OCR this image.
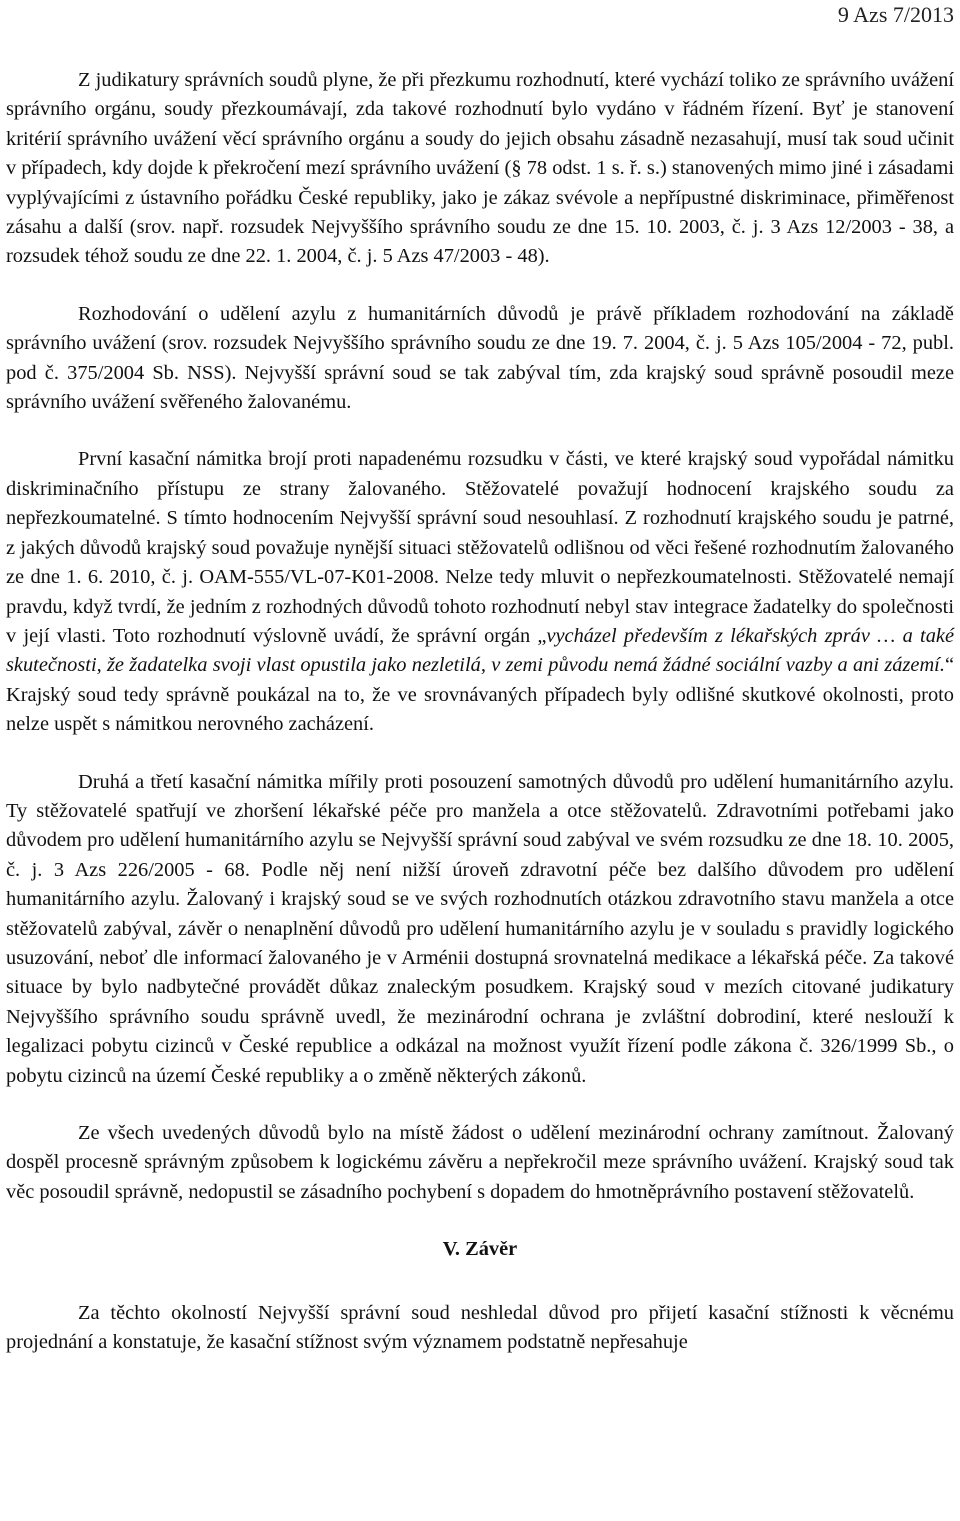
9 Azs 7/2013

Z judikatury správních soudů plyne, že při přezkumu rozhodnutí, které vychází toliko ze správního uvážení správního orgánu, soudy přezkoumávají, zda takové rozhodnutí bylo vydáno v řádném řízení. Byť je stanovení kritérií správního uvážení věcí správního orgánu a soudy do jejich obsahu zásadně nezasahují, musí tak soud učinit v případech, kdy dojde k překročení mezí správního uvážení (§ 78 odst. 1 s. ř. s.) stanovených mimo jiné i zásadami vyplývajícími z ústavního pořádku České republiky, jako je zákaz svévole a nepřípustné diskriminace, přiměřenost zásahu a další (srov. např. rozsudek Nejvyššího správního soudu ze dne 15. 10. 2003, č. j. 3 Azs 12/2003 - 38, a rozsudek téhož soudu ze dne 22. 1. 2004, č. j. 5 Azs 47/2003 - 48).

Rozhodování o udělení azylu z humanitárních důvodů je právě příkladem rozhodování na základě správního uvážení (srov. rozsudek Nejvyššího správního soudu ze dne 19. 7. 2004, č. j. 5 Azs 105/2004 - 72, publ. pod č. 375/2004 Sb. NSS). Nejvyšší správní soud se tak zabýval tím, zda krajský soud správně posoudil meze správního uvážení svěřeného žalovanému.

První kasační námitka brojí proti napadenému rozsudku v části, ve které krajský soud vypořádal námitku diskriminačního přístupu ze strany žalovaného. Stěžovatelé považují hodnocení krajského soudu za nepřezkoumatelné. S tímto hodnocením Nejvyšší správní soud nesouhlasí. Z rozhodnutí krajského soudu je patrné, z jakých důvodů krajský soud považuje nynější situaci stěžovatelů odlišnou od věci řešené rozhodnutím žalovaného ze dne 1. 6. 2010, č. j. OAM-555/VL-07-K01-2008. Nelze tedy mluvit o nepřezkoumatelnosti. Stěžovatelé nemají pravdu, když tvrdí, že jedním z rozhodných důvodů tohoto rozhodnutí nebyl stav integrace žadatelky do společnosti v její vlasti. Toto rozhodnutí výslovně uvádí, že správní orgán „vycházel především z lékařských zpráv … a také skutečnosti, že žadatelka svoji vlast opustila jako nezletilá, v zemi původu nemá žádné sociální vazby a ani zázemí.“ Krajský soud tedy správně poukázal na to, že ve srovnávaných případech byly odlišné skutkové okolnosti, proto nelze uspět s námitkou nerovného zacházení.

Druhá a třetí kasační námitka mířily proti posouzení samotných důvodů pro udělení humanitárního azylu. Ty stěžovatelé spatřují ve zhoršení lékařské péče pro manžela a otce stěžovatelů. Zdravotními potřebami jako důvodem pro udělení humanitárního azylu se Nejvyšší správní soud zabýval ve svém rozsudku ze dne 18. 10. 2005, č. j. 3 Azs 226/2005 - 68. Podle něj není nižší úroveň zdravotní péče bez dalšího důvodem pro udělení humanitárního azylu. Žalovaný i krajský soud se ve svých rozhodnutích otázkou zdravotního stavu manžela a otce stěžovatelů zabýval, závěr o nenaplnění důvodů pro udělení humanitárního azylu je v souladu s pravidly logického usuzování, neboť dle informací žalovaného je v Arménii dostupná srovnatelná medikace a lékařská péče. Za takové situace by bylo nadbytečné provádět důkaz znaleckým posudkem. Krajský soud v mezích citované judikatury Nejvyššího správního soudu správně uvedl, že mezinárodní ochrana je zvláštní dobrodiní, které neslouží k legalizaci pobytu cizinců v České republice a odkázal na možnost využít řízení podle zákona č. 326/1999 Sb., o pobytu cizinců na území České republiky a o změně některých zákonů.

Ze všech uvedených důvodů bylo na místě žádost o udělení mezinárodní ochrany zamítnout. Žalovaný dospěl procesně správným způsobem k logickému závěru a nepřekročil meze správního uvážení. Krajský soud tak věc posoudil správně, nedopustil se zásadního pochybení s dopadem do hmotněprávního postavení stěžovatelů.

V. Závěr

Za těchto okolností Nejvyšší správní soud neshledal důvod pro přijetí kasační stížnosti k věcnému projednání a konstatuje, že kasační stížnost svým významem podstatně nepřesahuje
